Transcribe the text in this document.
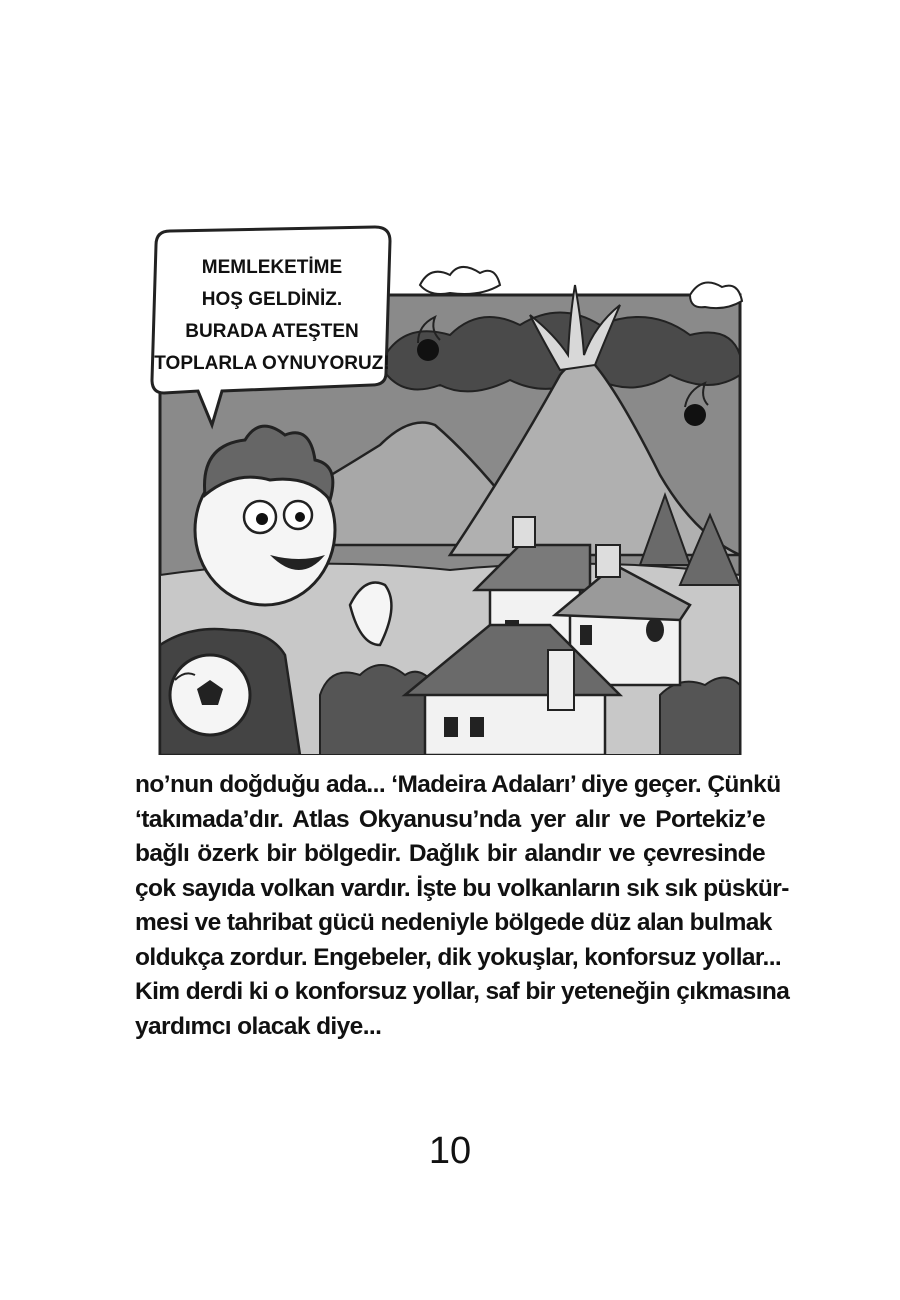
MEMLEKETİME
HOŞ GELDİNİZ.
BURADA ATEŞTEN
TOPLARLA OYNUYORUZ!
no’nun doğduğu ada... ‘Madeira Adaları’ diye geçer. Çünkü
‘takımada’dır. Atlas Okyanusu’nda yer alır ve Portekiz’e
bağlı özerk bir bölgedir. Dağlık bir alandır ve çevresinde
çok sayıda volkan vardır. İşte bu volkanların sık sık püskür-
mesi ve tahribat gücü nedeniyle bölgede düz alan bulmak
oldukça zordur. Engebeler, dik yokuşlar, konforsuz yollar...
Kim derdi ki o konforsuz yollar, saf bir yeteneğin çıkmasına
yardımcı olacak diye...
10
